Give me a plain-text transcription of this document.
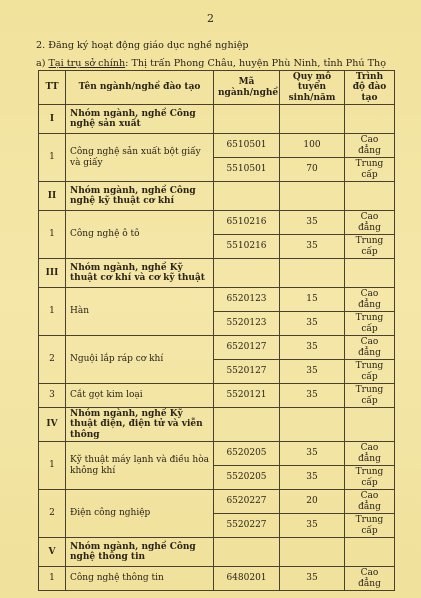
2
2. Đăng ký hoạt động giáo dục nghề nghiệp
a) Tại trụ sở chính: Thị trấn Phong Châu, huyện Phù Ninh, tỉnh Phú Thọ
TT	Tên ngành/nghề đào tạo	Mã ngành/nghề	Quy mô tuyển sinh/năm	Trình độ đào tạo
I	Nhóm ngành, nghề Công nghệ sản xuất			
1	Công nghệ sản xuất bột giấy và giấy	6510501	100	Cao đẳng
		5510501	70	Trung cấp
II	Nhóm ngành, nghề Công nghệ kỹ thuật cơ khí			
1	Công nghệ ô tô	6510216	35	Cao đẳng
		5510216	35	Trung cấp
III	Nhóm ngành, nghề Kỹ thuật cơ khí và cơ kỹ thuật			
1	Hàn	6520123	15	Cao đẳng
		5520123	35	Trung cấp
2	Nguội lắp ráp cơ khí	6520127	35	Cao đẳng
		5520127	35	Trung cấp
3	Cắt gọt kim loại	5520121	35	Trung cấp
IV	Nhóm ngành, nghề Kỹ thuật điện, điện tử và viễn thông			
1	Kỹ thuật máy lạnh và điều hòa không khí	6520205	35	Cao đẳng
		5520205	35	Trung cấp
2	Điện công nghiệp	6520227	20	Cao đẳng
		5520227	35	Trung cấp
V	Nhóm ngành, nghề Công nghệ thông tin			
1	Công nghệ thông tin	6480201	35	Cao đẳng
